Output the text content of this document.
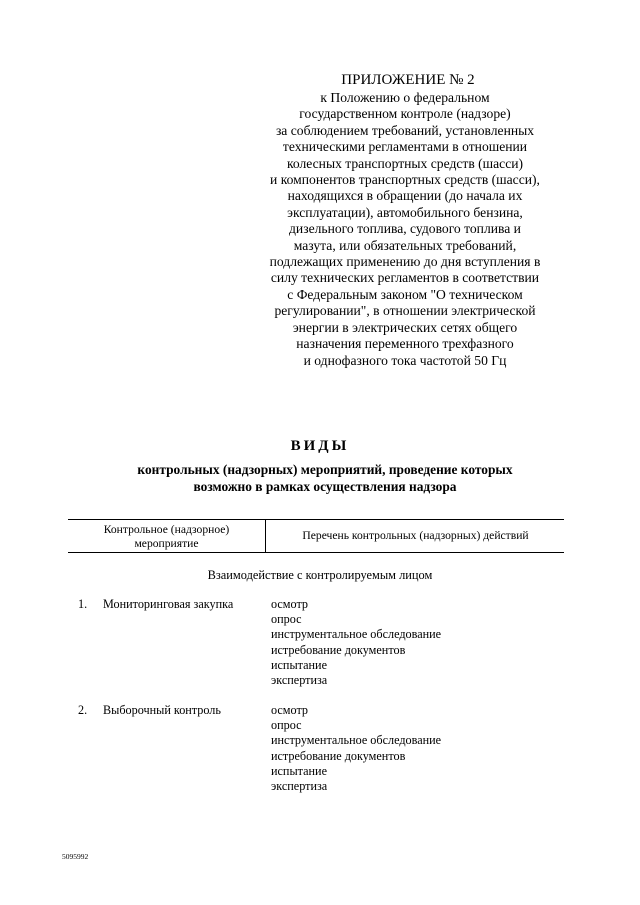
ПРИЛОЖЕНИЕ № 2
к Положению о федеральном
государственном контроле (надзоре)
за соблюдением требований, установленных
техническими регламентами в отношении
колесных транспортных средств (шасси)
и компонентов транспортных средств (шасси),
находящихся в обращении (до начала их
эксплуатации), автомобильного бензина,
дизельного топлива, судового топлива и
мазута, или обязательных требований,
подлежащих применению до дня вступления в
силу технических регламентов в соответствии
с Федеральным законом "О техническом
регулировании", в отношении электрической
энергии в электрических сетях общего
назначения переменного трехфазного
и однофазного тока частотой 50 Гц
ВИДЫ
контрольных (надзорных) мероприятий, проведение которых
возможно в рамках осуществления надзора
Контрольное (надзорное)
мероприятие
Перечень контрольных (надзорных) действий
Взаимодействие с контролируемым лицом
1. Мониторинговая закупка	осмотр
опрос
инструментальное обследование
истребование документов
испытание
экспертиза
2. Выборочный контроль	осмотр
опрос
инструментальное обследование
истребование документов
испытание
экспертиза
5095992
